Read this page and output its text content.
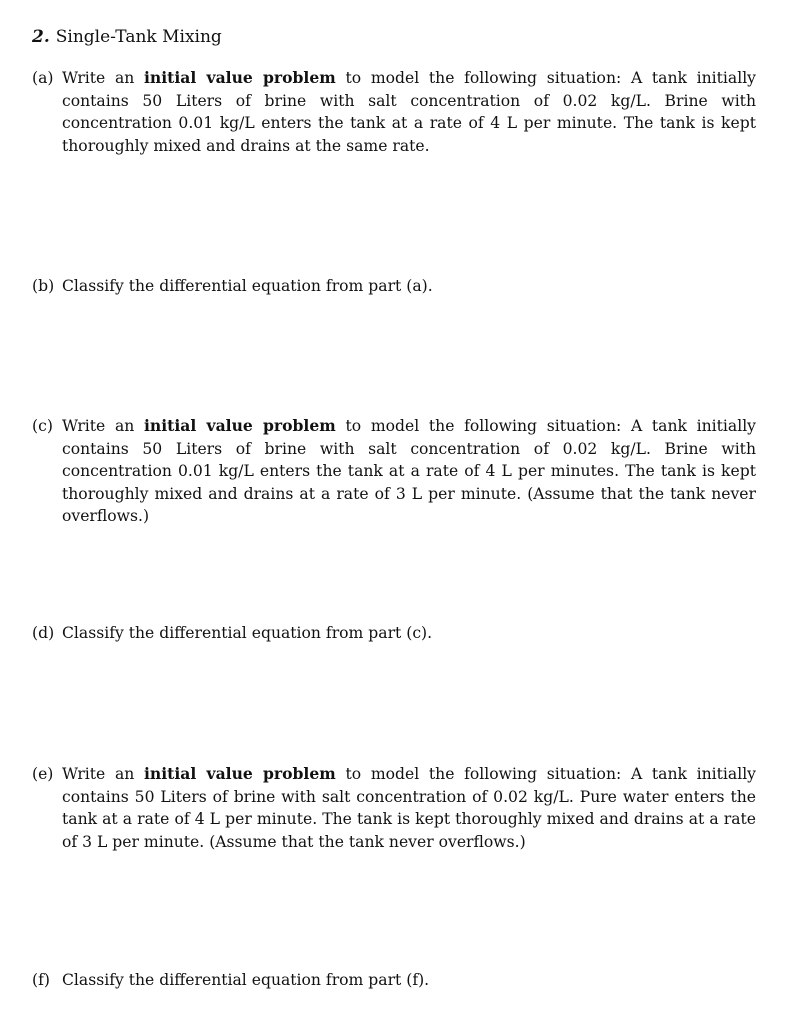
2. Single-Tank Mixing
(a) Write an initial value problem to model the following situation: A tank initially contains 50 Liters of brine with salt concentration of 0.02 kg/L. Brine with concentration 0.01 kg/L enters the tank at a rate of 4 L per minute. The tank is kept thoroughly mixed and drains at the same rate.
(b) Classify the differential equation from part (a).
(c) Write an initial value problem to model the following situation: A tank initially contains 50 Liters of brine with salt concentration of 0.02 kg/L. Brine with concentration 0.01 kg/L enters the tank at a rate of 4 L per minutes. The tank is kept thoroughly mixed and drains at a rate of 3 L per minute. (Assume that the tank never overflows.)
(d) Classify the differential equation from part (c).
(e) Write an initial value problem to model the following situation: A tank initially contains 50 Liters of brine with salt concentration of 0.02 kg/L. Pure water enters the tank at a rate of 4 L per minute. The tank is kept thoroughly mixed and drains at a rate of 3 L per minute. (Assume that the tank never overflows.)
(f) Classify the differential equation from part (f).
